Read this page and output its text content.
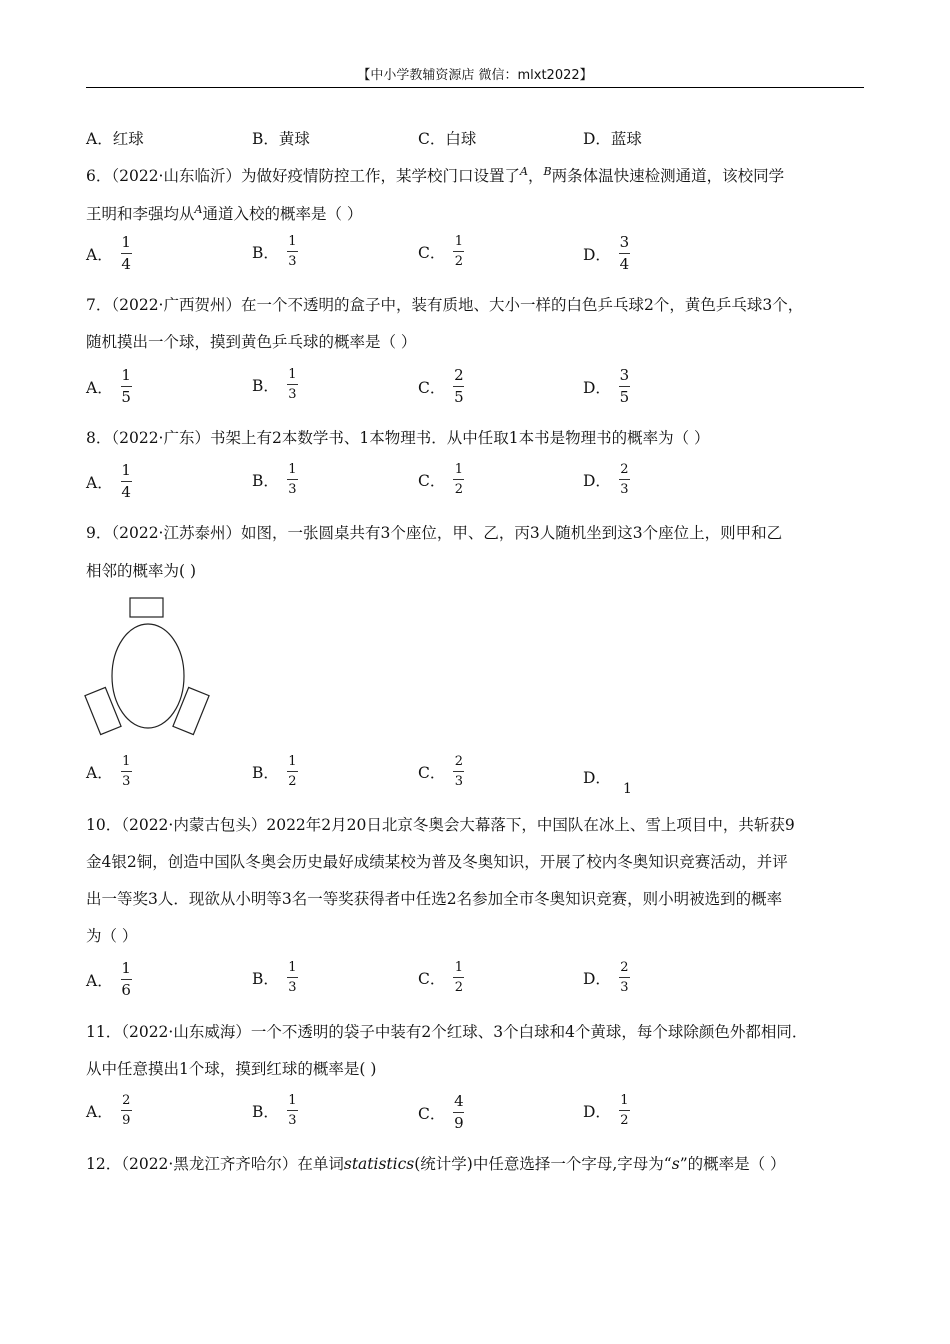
【中小学教辅资源店 微信：mlxt2022】
A．红球	B．黄球	C．白球	D．蓝球
6．（2022·山东临沂）为做好疫情防控工作，某学校门口设置了$^A$，$^B$两条体温快速检测通道，该校同学
王明和李强均从$^A$通道入校的概率是（ ）
A． $\frac{1}{4}$	B． $\frac{1}{3}$	C． $\frac{1}{2}$	D． $\frac{3}{4}$
7．（2022·广西贺州）在一个不透明的盒子中，装有质地、大小一样的白色乒乓球2个，黄色乒乓球3个，
随机摸出一个球，摸到黄色乒乓球的概率是（ ）
A． $\frac{1}{5}$	B． $\frac{1}{3}$	C． $\frac{2}{5}$	D． $\frac{3}{5}$
8．（2022·广东）书架上有2本数学书、1本物理书．从中任取1本书是物理书的概率为（ ）
A． $\frac{1}{4}$	B． $\frac{1}{3}$	C． $\frac{1}{2}$	D． $\frac{2}{3}$
9．（2022·江苏泰州）如图，一张圆桌共有3个座位，甲、乙，丙3人随机坐到这3个座位上，则甲和乙
相邻的概率为( )
A． $\frac{1}{3}$	B． $\frac{1}{2}$	C． $\frac{2}{3}$	D．1
10．（2022·内蒙古包头）2022年2月20日北京冬奥会大幕落下，中国队在冰上、雪上项目中，共斩获9
金4银2铜，创造中国队冬奥会历史最好成绩某校为普及冬奥知识，开展了校内冬奥知识竞赛活动，并评
出一等奖3人．现欲从小明等3名一等奖获得者中任选2名参加全市冬奥知识竞赛，则小明被选到的概率
为（ ）
A． $\frac{1}{6}$	B． $\frac{1}{3}$	C． $\frac{1}{2}$	D． $\frac{2}{3}$
11．（2022·山东威海）一个不透明的袋子中装有2个红球、3个白球和4个黄球，每个球除颜色外都相同．
从中任意摸出1个球，摸到红球的概率是( )
A． $\frac{2}{9}$	B． $\frac{1}{3}$	C． $\frac{4}{9}$	D． $\frac{1}{2}$
12．（2022·黑龙江齐齐哈尔）在单词statistics(统计学)中任意选择一个字母,字母为“s”的概率是（ ）
